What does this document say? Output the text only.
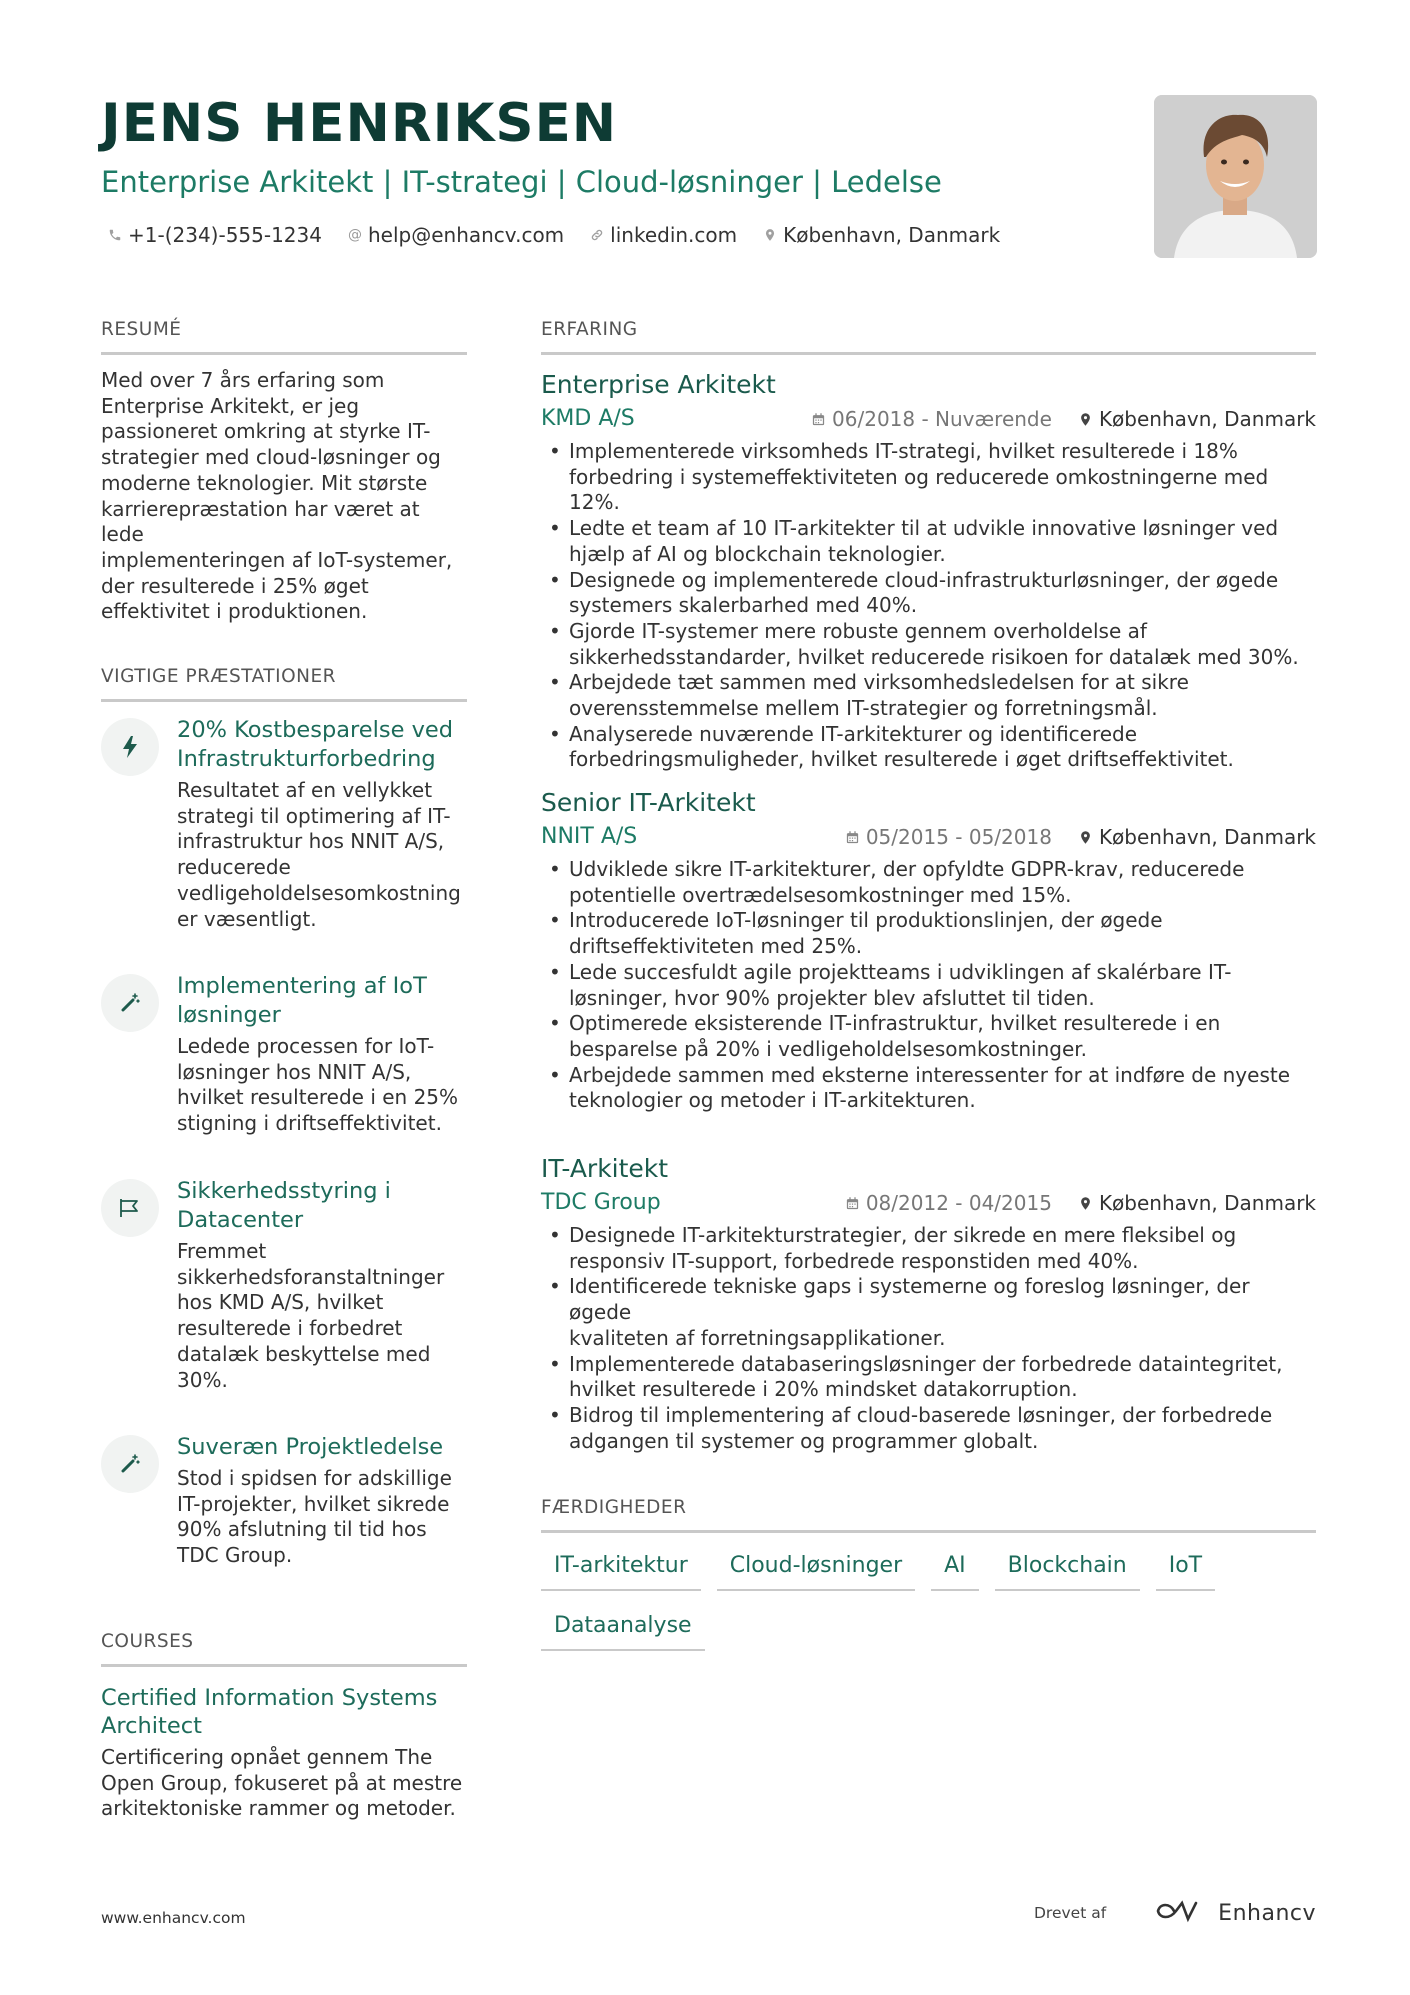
JENS HENRIKSEN
Enterprise Arkitekt | IT-strategi | Cloud-løsninger | Ledelse
+1-(234)-555-1234 @ help@enhancv.com linkedin.com København, Danmark
RESUMÉ
Med over 7 års erfaring som
Enterprise Arkitekt, er jeg
passioneret omkring at styrke IT-
strategier med cloud-løsninger og
moderne teknologier. Mit største
karrierepræstation har været at lede
implementeringen af IoT-systemer,
der resulterede i 25% øget
effektivitet i produktionen.
VIGTIGE PRÆSTATIONER
20% Kostbesparelse ved
Infrastrukturforbedring
Resultatet af en vellykket
strategi til optimering af IT-
infrastruktur hos NNIT A/S,
reducerede
vedligeholdelsesomkostning
er væsentligt.
Implementering af IoT
løsninger
Ledede processen for IoT-
løsninger hos NNIT A/S,
hvilket resulterede i en 25%
stigning i driftseffektivitet.
Sikkerhedsstyring i
Datacenter
Fremmet
sikkerhedsforanstaltninger
hos KMD A/S, hvilket
resulterede i forbedret
datalæk beskyttelse med
30%.
Suveræn Projektledelse
Stod i spidsen for adskillige
IT-projekter, hvilket sikrede
90% afslutning til tid hos
TDC Group.
COURSES
Certified Information Systems
Architect
Certificering opnået gennem The
Open Group, fokuseret på at mestre
arkitektoniske rammer og metoder.
ERFARING
Enterprise Arkitekt
KMD A/S	06/2018 - Nuværende København, Danmark
• Implementerede virksomheds IT-strategi, hvilket resulterede i 18%
forbedring i systemeffektiviteten og reducerede omkostningerne med 12%.
• Ledte et team af 10 IT-arkitekter til at udvikle innovative løsninger ved
hjælp af AI og blockchain teknologier.
• Designede og implementerede cloud-infrastrukturløsninger, der øgede
systemers skalerbarhed med 40%.
• Gjorde IT-systemer mere robuste gennem overholdelse af
sikkerhedsstandarder, hvilket reducerede risikoen for datalæk med 30%.
• Arbejdede tæt sammen med virksomhedsledelsen for at sikre
overensstemmelse mellem IT-strategier og forretningsmål.
• Analyserede nuværende IT-arkitekturer og identificerede
forbedringsmuligheder, hvilket resulterede i øget driftseffektivitet.
Senior IT-Arkitekt
NNIT A/S	05/2015 - 05/2018 København, Danmark
• Udviklede sikre IT-arkitekturer, der opfyldte GDPR-krav, reducerede
potentielle overtrædelsesomkostninger med 15%.
• Introducerede IoT-løsninger til produktionslinjen, der øgede
driftseffektiviteten med 25%.
• Lede succesfuldt agile projektteams i udviklingen af skalérbare IT-
løsninger, hvor 90% projekter blev afsluttet til tiden.
• Optimerede eksisterende IT-infrastruktur, hvilket resulterede i en
besparelse på 20% i vedligeholdelsesomkostninger.
• Arbejdede sammen med eksterne interessenter for at indføre de nyeste
teknologier og metoder i IT-arkitekturen.
IT-Arkitekt
TDC Group	08/2012 - 04/2015 København, Danmark
• Designede IT-arkitekturstrategier, der sikrede en mere fleksibel og
responsiv IT-support, forbedrede responstiden med 40%.
• Identificerede tekniske gaps i systemerne og foreslog løsninger, der øgede
kvaliteten af forretningsapplikationer.
• Implementerede databaseringsløsninger der forbedrede dataintegritet,
hvilket resulterede i 20% mindsket datakorruption.
• Bidrog til implementering af cloud-baserede løsninger, der forbedrede
adgangen til systemer og programmer globalt.
FÆRDIGHEDER
IT-arkitektur	Cloud-løsninger	AI	Blockchain	IoT
Dataanalyse
www.enhancv.com	Drevet af	Enhancv
